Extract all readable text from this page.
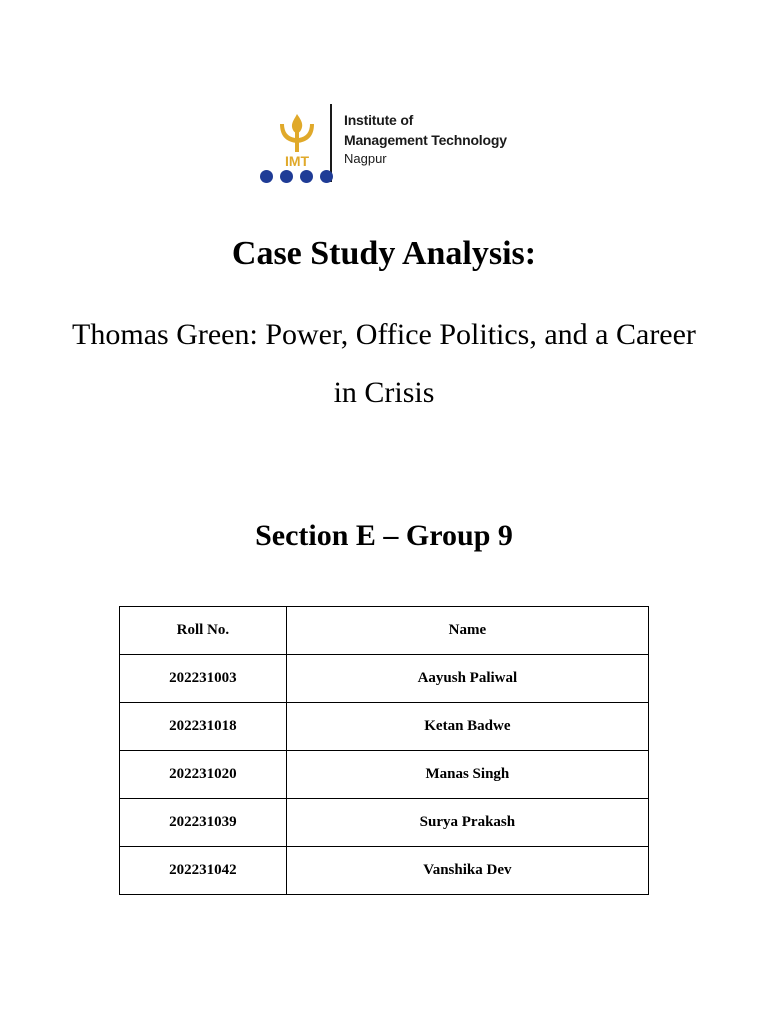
IMT
Institute of
Management Technology
Nagpur
Case Study Analysis:
Thomas Green: Power, Office Politics, and a Career in Crisis
Section E – Group 9
Roll No.	Name
202231003	Aayush Paliwal
202231018	Ketan Badwe
202231020	Manas Singh
202231039	Surya Prakash
202231042	Vanshika Dev
